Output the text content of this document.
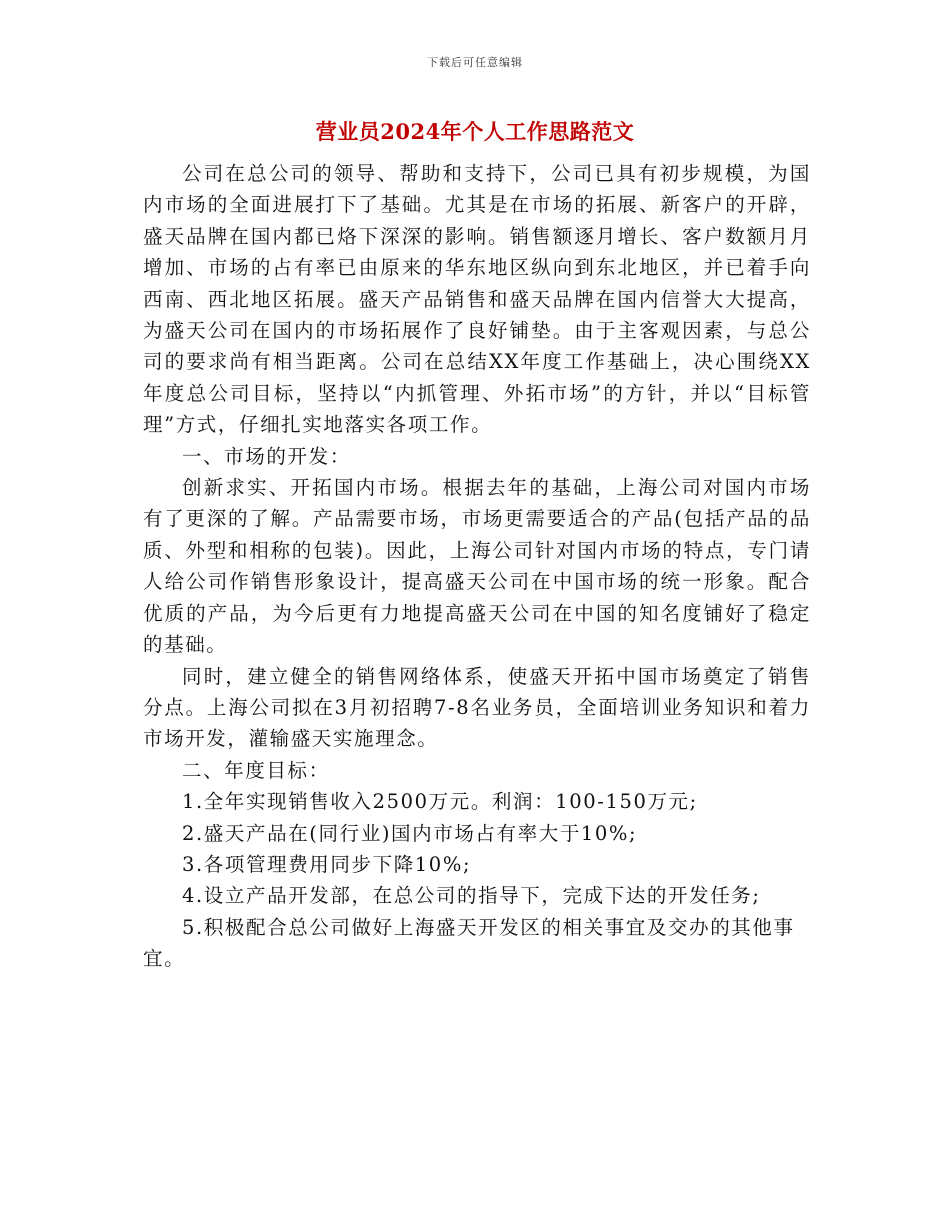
下载后可任意编辑
营业员2024年个人工作思路范文

公司在总公司的领导、帮助和支持下，公司已具有初步规模，为国内市场的全面进展打下了基础。尤其是在市场的拓展、新客户的开辟，盛天品牌在国内都已烙下深深的影响。销售额逐月增长、客户数额月月增加、市场的占有率已由原来的华东地区纵向到东北地区，并已着手向西南、西北地区拓展。盛天产品销售和盛天品牌在国内信誉大大提高，为盛天公司在国内的市场拓展作了良好铺垫。由于主客观因素，与总公司的要求尚有相当距离。公司在总结XX年度工作基础上，决心围绕XX年度总公司目标，坚持以“内抓管理、外拓市场”的方针，并以“目标管理”方式，仔细扎实地落实各项工作。

一、市场的开发：

创新求实、开拓国内市场。根据去年的基础，上海公司对国内市场有了更深的了解。产品需要市场，市场更需要适合的产品(包括产品的品质、外型和相称的包装)。因此，上海公司针对国内市场的特点，专门请人给公司作销售形象设计，提高盛天公司在中国市场的统一形象。配合优质的产品，为今后更有力地提高盛天公司在中国的知名度铺好了稳定的基础。

同时，建立健全的销售网络体系，使盛天开拓中国市场奠定了销售分点。上海公司拟在3月初招聘7-8名业务员，全面培训业务知识和着力市场开发，灌输盛天实施理念。

二、年度目标：

1.全年实现销售收入2500万元。利润：100-150万元;

2.盛天产品在(同行业)国内市场占有率大于10%;

3.各项管理费用同步下降10%;

4.设立产品开发部，在总公司的指导下，完成下达的开发任务;

5.积极配合总公司做好上海盛天开发区的相关事宜及交办的其他事宜。
